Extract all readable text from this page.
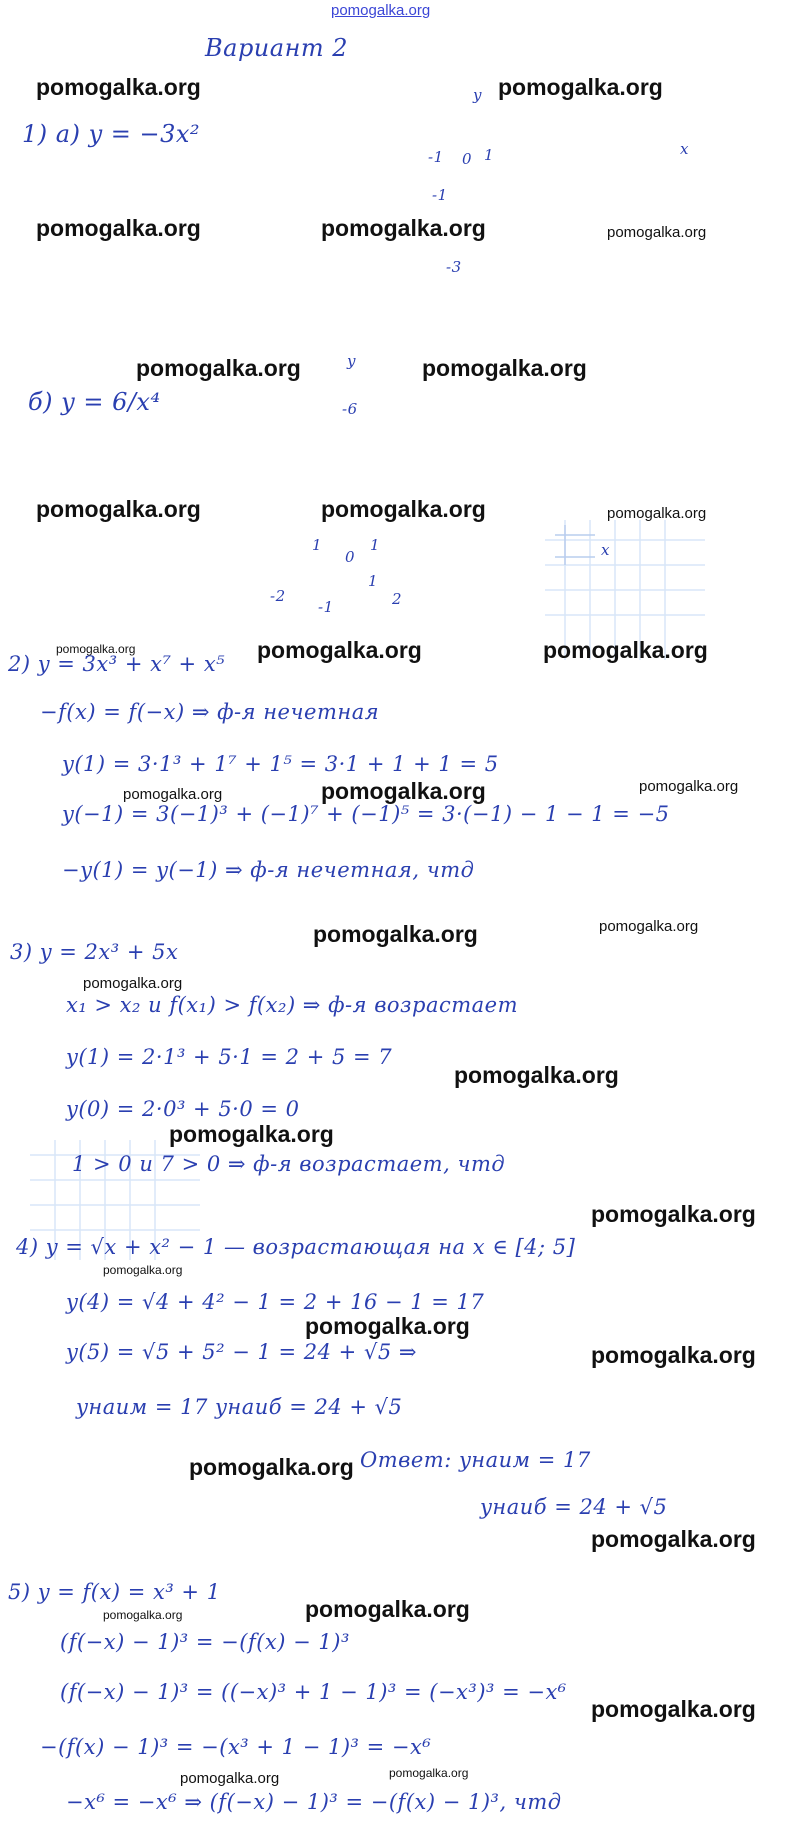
pomogalka.org
Вариант 2
1) а) y = −3x²
y
x
-1 0 1
-1
-3
б) y = 6/x⁴
y
x
-6
1
0
1
-2
-1
1
2
2) y = 3x³ + x⁷ + x⁵
−f(x) = f(−x) ⇒ ф-я нечетная
y(1) = 3·1³ + 1⁷ + 1⁵ = 3·1 + 1 + 1 = 5
y(−1) = 3(−1)³ + (−1)⁷ + (−1)⁵ = 3·(−1) − 1 − 1 = −5
−y(1) = y(−1) ⇒ ф-я нечетная, чтд
3) y = 2x³ + 5x
x₁ > x₂ и f(x₁) > f(x₂) ⇒ ф-я возрастает
y(1) = 2·1³ + 5·1 = 2 + 5 = 7
y(0) = 2·0³ + 5·0 = 0
1 > 0 и 7 > 0 ⇒ ф-я возрастает, чтд
4) y = √x + x² − 1 — возрастающая на x ∈ [4; 5]
y(4) = √4 + 4² − 1 = 2 + 16 − 1 = 17
y(5) = √5 + 5² − 1 = 24 + √5 ⇒
yнаим = 17 yнаиб = 24 + √5
Ответ: yнаим = 17
yнаиб = 24 + √5
5) y = f(x) = x³ + 1
(f(−x) − 1)³ = −(f(x) − 1)³
(f(−x) − 1)³ = ((−x)³ + 1 − 1)³ = (−x³)³ = −x⁶
−(f(x) − 1)³ = −(x³ + 1 − 1)³ = −x⁶
−x⁶ = −x⁶ ⇒ (f(−x) − 1)³ = −(f(x) − 1)³, чтд
pomogalka.org	pomogalka.org
pomogalka.org	pomogalka.org	pomogalka.org
pomogalka.org	pomogalka.org
pomogalka.org	pomogalka.org	pomogalka.org
pomogalka.org	pomogalka.org	pomogalka.org
pomogalka.org	pomogalka.org	pomogalka.org
pomogalka.org	pomogalka.org
pomogalka.org
pomogalka.org
pomogalka.org
pomogalka.org
pomogalka.org
pomogalka.org
pomogalka.org
pomogalka.org
pomogalka.org
pomogalka.org
pomogalka.org
pomogalka.org
pomogalka.org	pomogalka.org
